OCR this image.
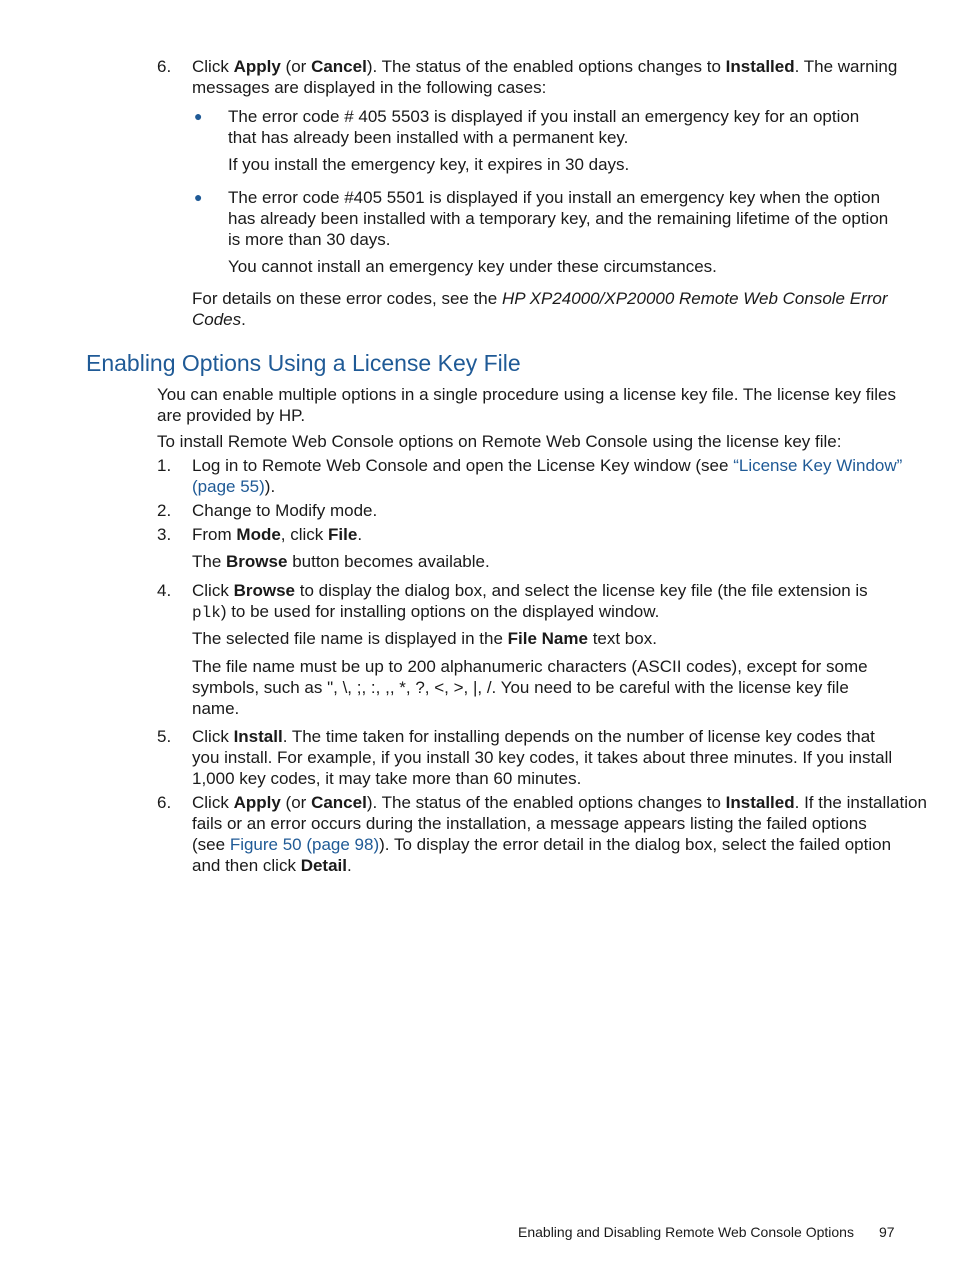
6. Click Apply (or Cancel). The status of the enabled options changes to Installed. The warning

messages are displayed in the following cases:

● The error code # 405 5503 is displayed if you install an emergency key for an option

that has already been installed with a permanent key.

If you install the emergency key, it expires in 30 days.

● The error code #405 5501 is displayed if you install an emergency key when the option

has already been installed with a temporary key, and the remaining lifetime of the option

is more than 30 days.

You cannot install an emergency key under these circumstances.

For details on these error codes, see the HP XP24000/XP20000 Remote Web Console Error

Codes.

Enabling Options Using a License Key File

You can enable multiple options in a single procedure using a license key file. The license key files

are provided by HP.

To install Remote Web Console options on Remote Web Console using the license key file:

1. Log in to Remote Web Console and open the License Key window (see “License Key Window”

(page 55)).

2. Change to Modify mode.

3. From Mode, click File.

The Browse button becomes available.

4. Click Browse to display the dialog box, and select the license key file (the file extension is

plk) to be used for installing options on the displayed window.

The selected file name is displayed in the File Name text box.

The file name must be up to 200 alphanumeric characters (ASCII codes), except for some

symbols, such as ", \, ;, :, ,, *, ?, <, >, |, /. You need to be careful with the license key file

name.

5. Click Install. The time taken for installing depends on the number of license key codes that

you install. For example, if you install 30 key codes, it takes about three minutes. If you install

1,000 key codes, it may take more than 60 minutes.

6. Click Apply (or Cancel). The status of the enabled options changes to Installed. If the installation

fails or an error occurs during the installation, a message appears listing the failed options

(see Figure 50 (page 98)). To display the error detail in the dialog box, select the failed option

and then click Detail.

Enabling and Disabling Remote Web Console Options 97
